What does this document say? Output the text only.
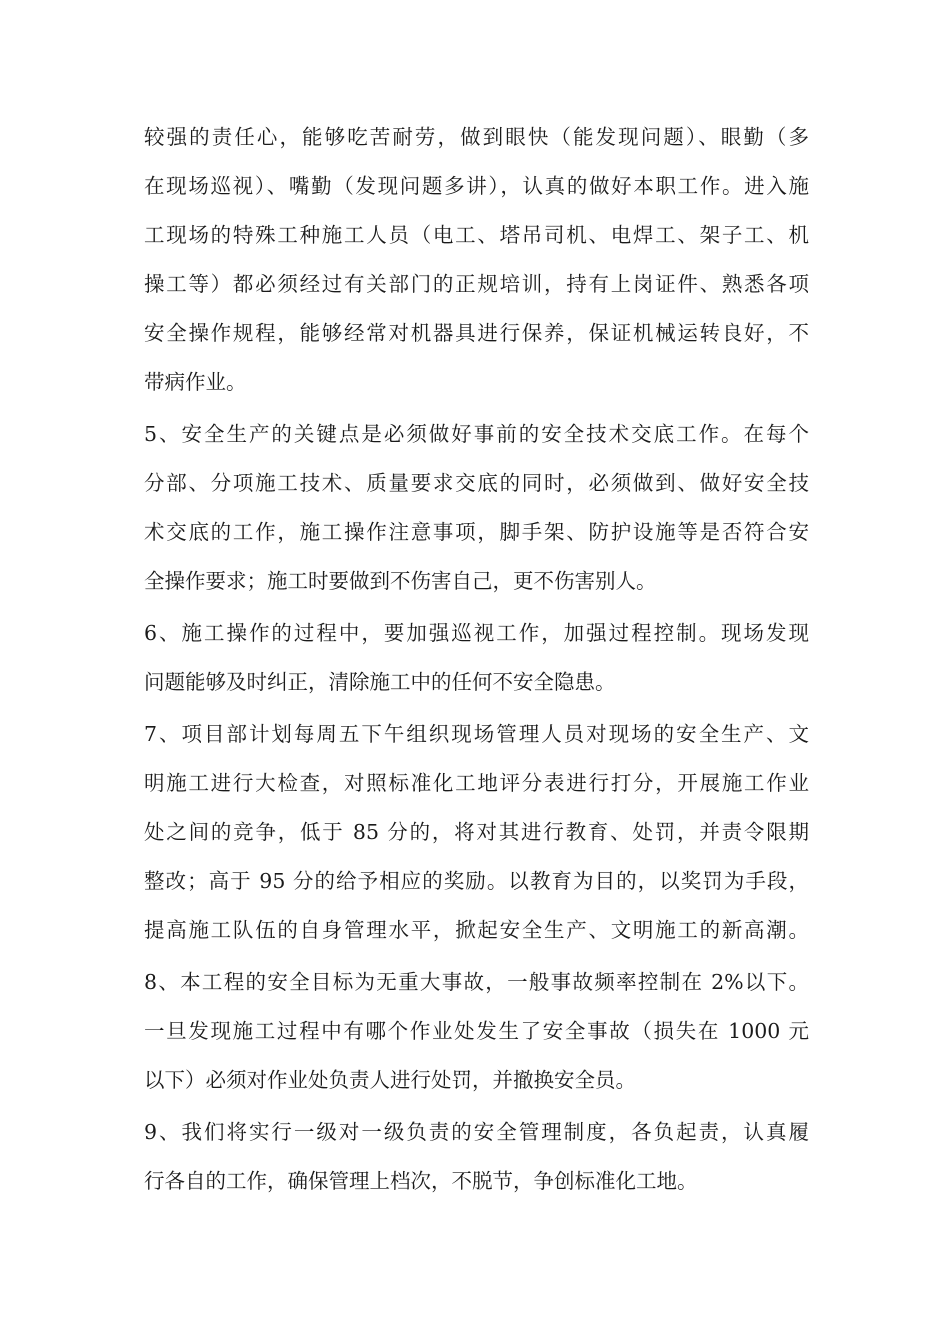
较强的责任心，能够吃苦耐劳，做到眼快（能发现问题）、眼勤（多
在现场巡视）、嘴勤（发现问题多讲），认真的做好本职工作。进入施
工现场的特殊工种施工人员（电工、塔吊司机、电焊工、架子工、机
操工等）都必须经过有关部门的正规培训，持有上岗证件、熟悉各项
安全操作规程，能够经常对机器具进行保养，保证机械运转良好，不
带病作业。
5、安全生产的关键点是必须做好事前的安全技术交底工作。在每个
分部、分项施工技术、质量要求交底的同时，必须做到、做好安全技
术交底的工作，施工操作注意事项，脚手架、防护设施等是否符合安
全操作要求；施工时要做到不伤害自己，更不伤害别人。
6、施工操作的过程中，要加强巡视工作，加强过程控制。现场发现
问题能够及时纠正，清除施工中的任何不安全隐患。
7、项目部计划每周五下午组织现场管理人员对现场的安全生产、文
明施工进行大检查，对照标准化工地评分表进行打分，开展施工作业
处之间的竞争，低于 85 分的，将对其进行教育、处罚，并责令限期
整改；高于 95 分的给予相应的奖励。以教育为目的，以奖罚为手段，
提高施工队伍的自身管理水平，掀起安全生产、文明施工的新高潮。
8、本工程的安全目标为无重大事故，一般事故频率控制在 2%以下。
一旦发现施工过程中有哪个作业处发生了安全事故（损失在 1000 元
以下）必须对作业处负责人进行处罚，并撤换安全员。
9、我们将实行一级对一级负责的安全管理制度，各负起责，认真履
行各自的工作，确保管理上档次，不脱节，争创标准化工地。
